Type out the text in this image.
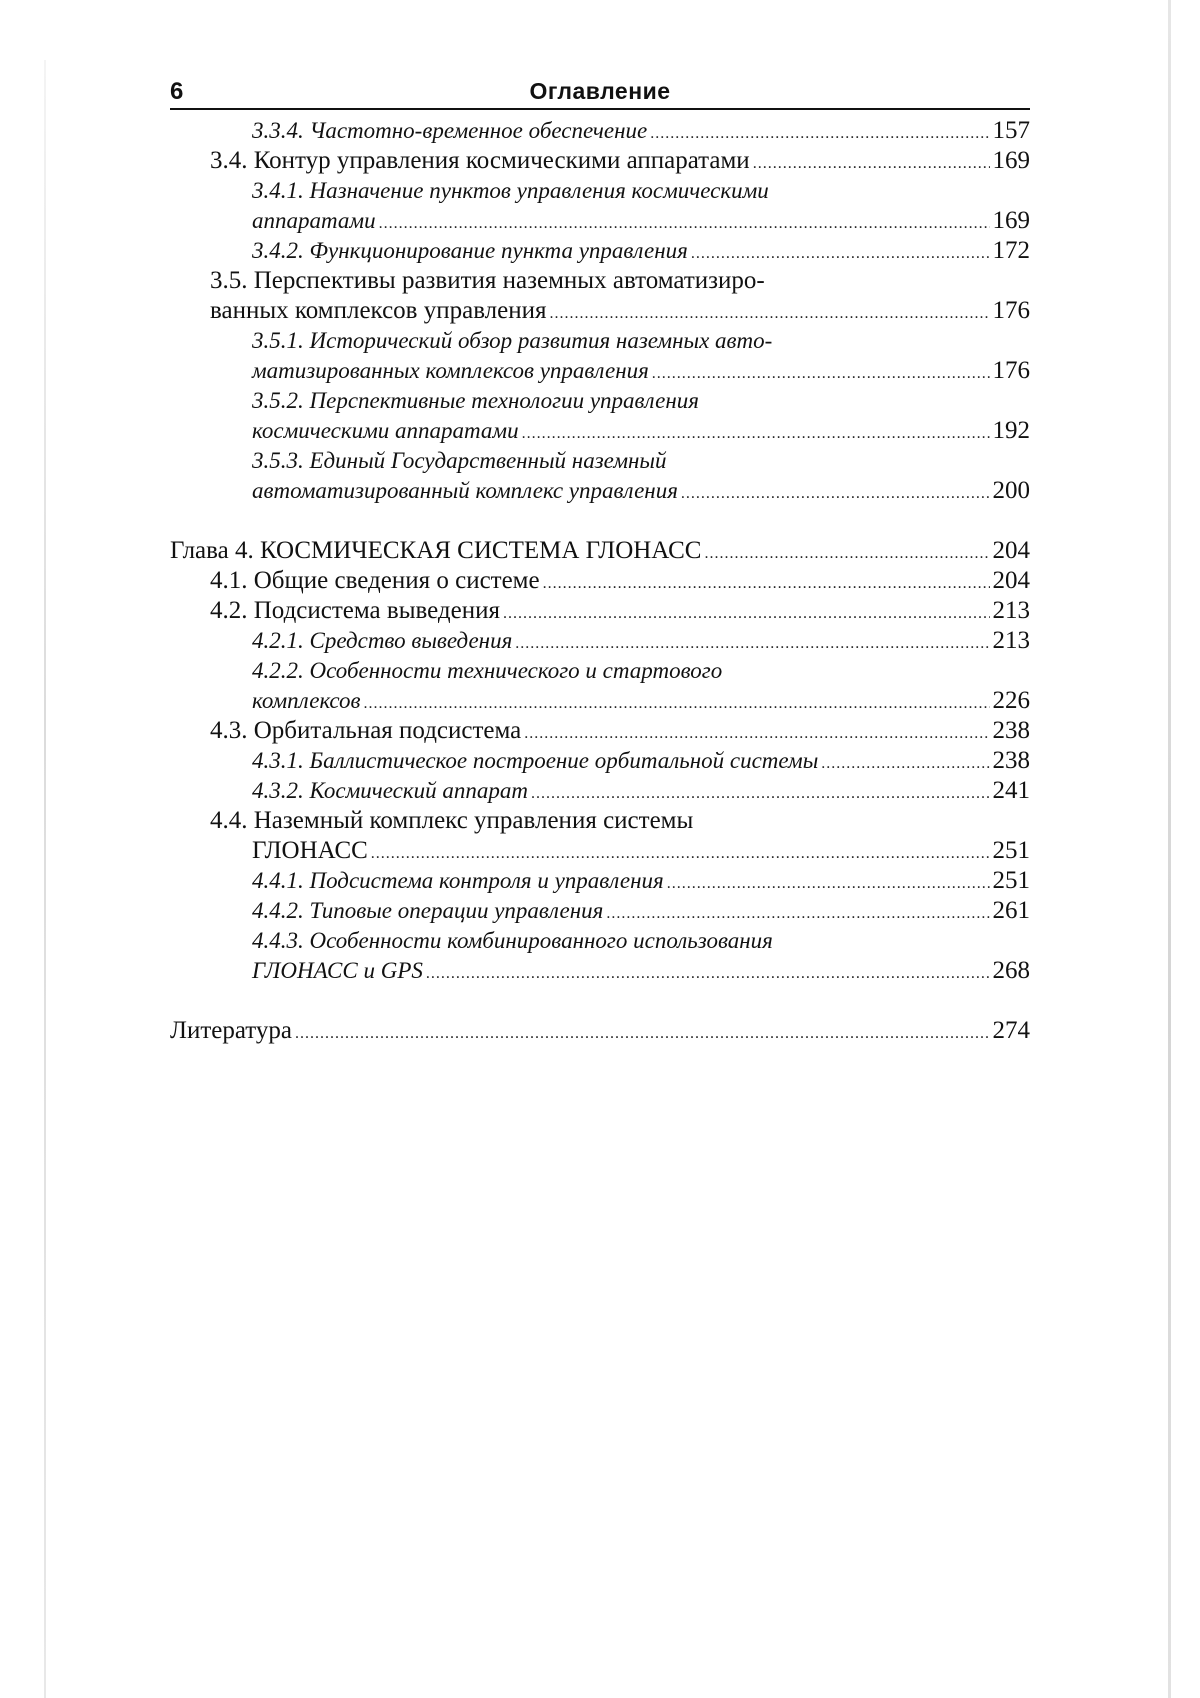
6	Оглавление
3.3.4. Частотно-временное обеспечение .....	157
3.4. Контур управления космическими аппаратами .....	169
3.4.1. Назначение пунктов управления космическими
аппаратами .....	169
3.4.2. Функционирование пункта управления .....	172
3.5. Перспективы развития наземных автоматизиро-
ванных комплексов управления .....	176
3.5.1. Исторический обзор развития наземных авто-
матизированных комплексов управления .....	176
3.5.2. Перспективные технологии управления
космическими аппаратами .....	192
3.5.3. Единый Государственный наземный
автоматизированный комплекс управления .....	200
Глава 4. КОСМИЧЕСКАЯ СИСТЕМА ГЛОНАСС .....	204
4.1. Общие сведения о системе .....	204
4.2. Подсистема выведения .....	213
4.2.1. Средство выведения .....	213
4.2.2. Особенности технического и стартового
комплексов .....	226
4.3. Орбитальная подсистема .....	238
4.3.1. Баллистическое построение орбитальной системы .....	238
4.3.2. Космический аппарат .....	241
4.4. Наземный комплекс управления системы
ГЛОНАСС .....	251
4.4.1. Подсистема контроля и управления .....	251
4.4.2. Типовые операции управления .....	261
4.4.3. Особенности комбинированного использования
ГЛОНАСС и GPS .....	268
Литература .....	274
